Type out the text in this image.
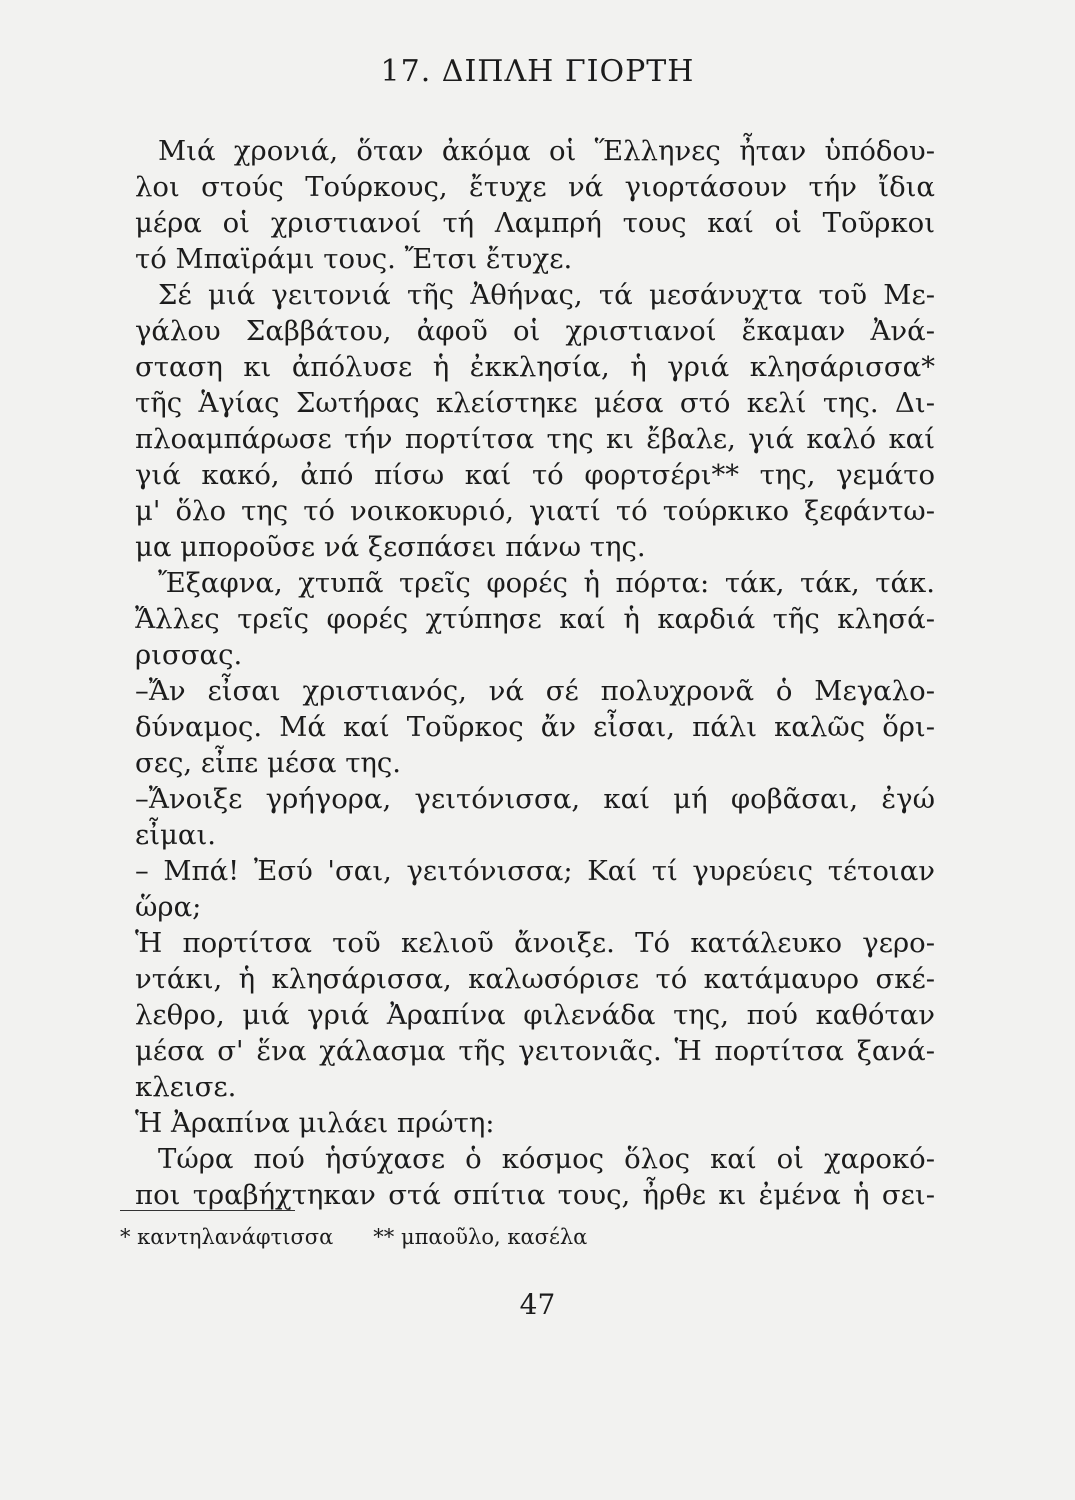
17. ΔΙΠΛΗ ΓΙΟΡΤΗ

Μιά χρονιά, ὅταν ἀκόμα οἱ Ἕλληνες ἦταν ὑπόδου-

λοι στούς Τούρκους, ἔτυχε νά γιορτάσουν τήν ἴδια

μέρα οἱ χριστιανοί τή Λαμπρή τους καί οἱ Τοῦρκοι

τό Μπαϊράμι τους. Ἔτσι ἔτυχε.

Σέ μιά γειτονιά τῆς Ἀθήνας, τά μεσάνυχτα τοῦ Με-

γάλου Σαββάτου, ἀφοῦ οἱ χριστιανοί ἔκαμαν Ἀνά-

σταση κι ἀπόλυσε ἡ ἐκκλησία, ἡ γριά κλησάρισσα*

τῆς Ἁγίας Σωτήρας κλείστηκε μέσα στό κελί της. Δι-

πλοαμπάρωσε τήν πορτίτσα της κι ἔβαλε, γιά καλό καί

γιά κακό, ἀπό πίσω καί τό φορτσέρι** της, γεμάτο

μ' ὅλο της τό νοικοκυριό, γιατί τό τούρκικο ξεφάντω-

μα μποροῦσε νά ξεσπάσει πάνω της.

Ἔξαφνα, χτυπᾶ τρεῖς φορές ἡ πόρτα: τάκ, τάκ, τάκ.

Ἄλλες τρεῖς φορές χτύπησε καί ἡ καρδιά τῆς κλησά-

ρισσας.

–Ἄν εἶσαι χριστιανός, νά σέ πολυχρονᾶ ὁ Μεγαλο-

δύναμος. Μά καί Τοῦρκος ἄν εἶσαι, πάλι καλῶς ὅρι-

σες, εἶπε μέσα της.

–Ἄνοιξε γρήγορα, γειτόνισσα, καί μή φοβᾶσαι, ἐγώ

εἶμαι.

– Μπά! Ἐσύ 'σαι, γειτόνισσα; Καί τί γυρεύεις τέτοιαν

ὥρα;

Ἡ πορτίτσα τοῦ κελιοῦ ἄνοιξε. Τό κατάλευκο γερο-

ντάκι, ἡ κλησάρισσα, καλωσόρισε τό κατάμαυρο σκέ-

λεθρο, μιά γριά Ἀραπίνα φιλενάδα της, πού καθόταν

μέσα σ' ἕνα χάλασμα τῆς γειτονιᾶς. Ἡ πορτίτσα ξανά-

κλεισε.

Ἡ Ἀραπίνα μιλάει πρώτη:

Τώρα πού ἡσύχασε ὁ κόσμος ὅλος καί οἱ χαροκό-

ποι τραβήχτηκαν στά σπίτια τους, ἦρθε κι ἐμένα ἡ σει-

* καντηλανάφτισσα ** μπαοῦλο, κασέλα

47
